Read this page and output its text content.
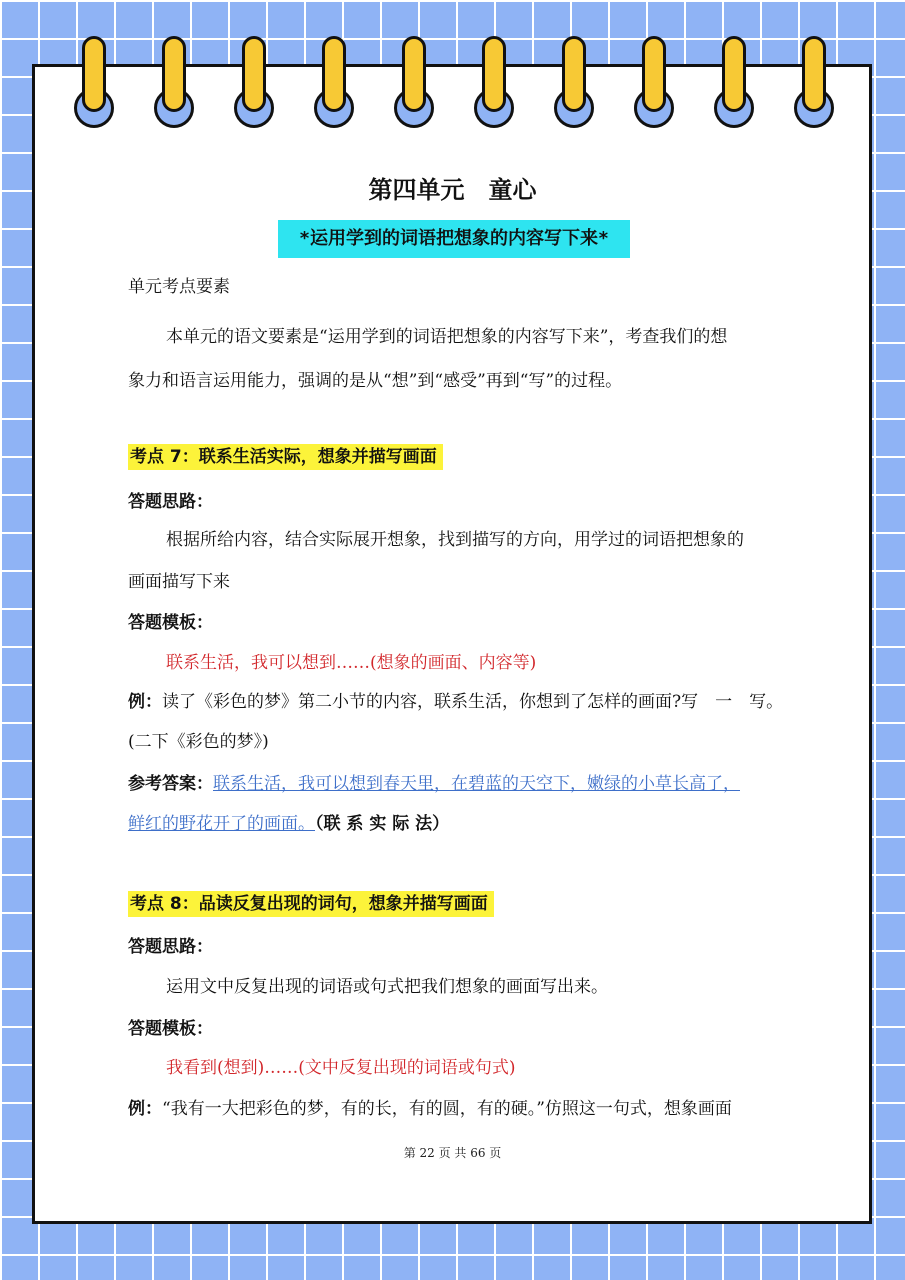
第四单元　童心
*运用学到的词语把想象的内容写下来*
单元考点要素
本单元的语文要素是“运用学到的词语把想象的内容写下来”，考查我们的想
象力和语言运用能力，强调的是从“想”到“感受”再到“写”的过程。
考点 7：联系生活实际，想象并描写画面
答题思路：
根据所给内容，结合实际展开想象，找到描写的方向，用学过的词语把想象的
画面描写下来
答题模板：
联系生活，我可以想到……(想象的画面、内容等)
例：读了《彩色的梦》第二小节的内容，联系生活，你想到了怎样的画面?写　一　写。
(二下《彩色的梦》)
参考答案：联系生活，我可以想到春天里，在碧蓝的天空下，嫩绿的小草长高了，
鲜红的野花开了的画面。（联 系 实 际 法）
考点 8：品读反复出现的词句，想象并描写画面
答题思路：
运用文中反复出现的词语或句式把我们想象的画面写出来。
答题模板：
我看到(想到)……(文中反复出现的词语或句式)
例：“我有一大把彩色的梦，有的长，有的圆，有的硬。”仿照这一句式，想象画面
第 22 页 共 66 页
